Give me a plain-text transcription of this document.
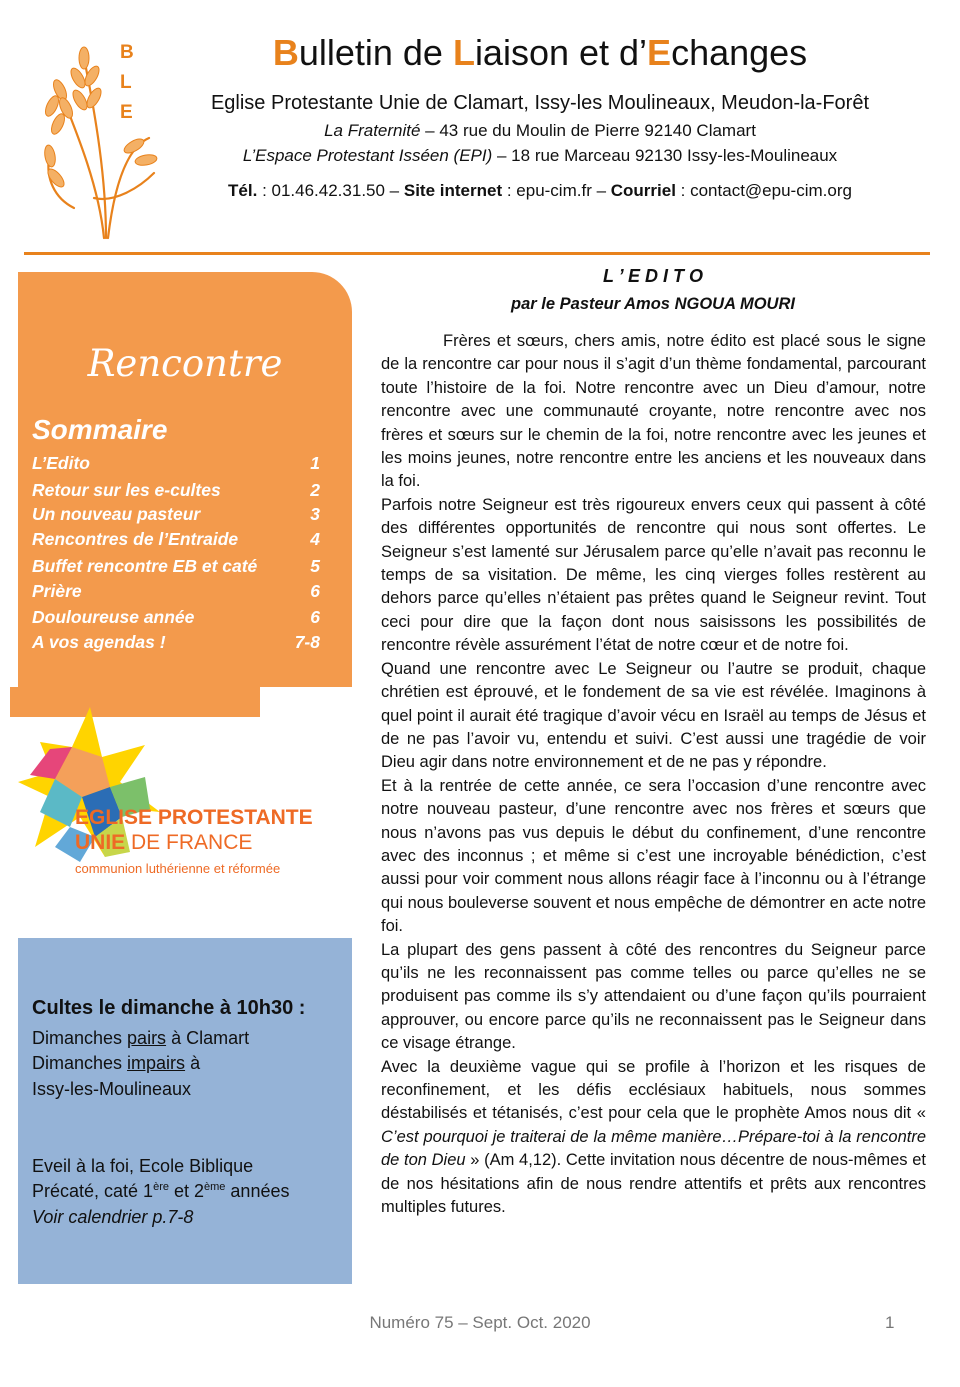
B
L
E
Bulletin de Liaison et d’Echanges
Eglise Protestante Unie de Clamart, Issy-les Moulineaux, Meudon-la-Forêt
La Fraternité – 43 rue du Moulin de Pierre 92140 Clamart
L’Espace Protestant Isséen (EPI) – 18 rue Marceau 92130 Issy-les-Moulineaux
Tél. : 01.46.42.31.50 – Site internet : epu-cim.fr – Courriel : contact@epu-cim.org
Rencontre
Sommaire
L’Edito	1
Retour sur les e-cultes	2
Un nouveau pasteur	3
Rencontres de l’Entraide	4
Buffet rencontre EB et caté	5
Prière	6
Douloureuse année	6
A vos agendas !	7-8
EGLISE PROTESTANTE
UNIE DE FRANCE
communion luthérienne et réformée
Cultes le dimanche à 10h30 :
Dimanches pairs à Clamart
Dimanches impairs à
Issy-les-Moulineaux
Eveil à la foi, Ecole Biblique
Précaté, caté 1ère et 2ème années
Voir calendrier p.7-8
L ’ E D I T O
par le Pasteur Amos NGOUA MOURI

Frères et sœurs, chers amis, notre édito est placé sous le signe de la rencontre car pour nous il s’agit d’un thème fondamental, parcourant toute l’histoire de la foi. Notre rencontre avec un Dieu d’amour, notre rencontre avec une communauté croyante, notre rencontre avec nos frères et sœurs sur le chemin de la foi, notre rencontre avec les jeunes et les moins jeunes, notre rencontre entre les anciens et les nouveaux dans la foi.

Parfois notre Seigneur est très rigoureux envers ceux qui passent à côté des différentes opportunités de rencontre qui nous sont offertes. Le Seigneur s’est lamenté sur Jérusalem parce qu’elle n’avait pas reconnu le temps de sa visitation. De même, les cinq vierges folles restèrent au dehors parce qu’elles n’étaient pas prêtes quand le Seigneur revint. Tout ceci pour dire que la façon dont nous saisissons les possibilités de rencontre révèle assurément l’état de notre cœur et de notre foi.

Quand une rencontre avec Le Seigneur ou l’autre se produit, chaque chrétien est éprouvé, et le fondement de sa vie est révélée. Imaginons à quel point il aurait été tragique d’avoir vécu en Israël au temps de Jésus et de ne pas l’avoir vu, entendu et suivi. C’est aussi une tragédie de voir Dieu agir dans notre environnement et de ne pas y répondre.

Et à la rentrée de cette année, ce sera l’occasion d’une rencontre avec notre nouveau pasteur, d’une rencontre avec nos frères et sœurs que nous n’avons pas vus depuis le début du confinement, d’une rencontre avec des inconnus ; et même si c’est une incroyable bénédiction, c’est aussi pour voir comment nous allons réagir face à l’inconnu ou à l’étrange qui nous bouleverse souvent et nous empêche de démontrer en acte notre foi.

La plupart des gens passent à côté des rencontres du Seigneur parce qu’ils ne les reconnaissent pas comme telles ou parce qu’elles ne se produisent pas comme ils s’y attendaient ou d’une façon qu’ils pourraient approuver, ou encore parce qu’ils ne reconnaissent pas le Seigneur dans ce visage étrange.

Avec la deuxième vague qui se profile à l’horizon et les risques de reconfinement, et les défis ecclésiaux habituels, nous sommes déstabilisés et tétanisés, c’est pour cela que le prophète Amos nous dit « C’est pourquoi je traiterai de la même manière…Prépare-toi à la rencontre de ton Dieu » (Am 4,12). Cette invitation nous décentre de nous-mêmes et de nos hésitations afin de nous rendre attentifs et prêts aux rencontres multiples futures.

Numéro 75 – Sept. Oct. 2020	1
